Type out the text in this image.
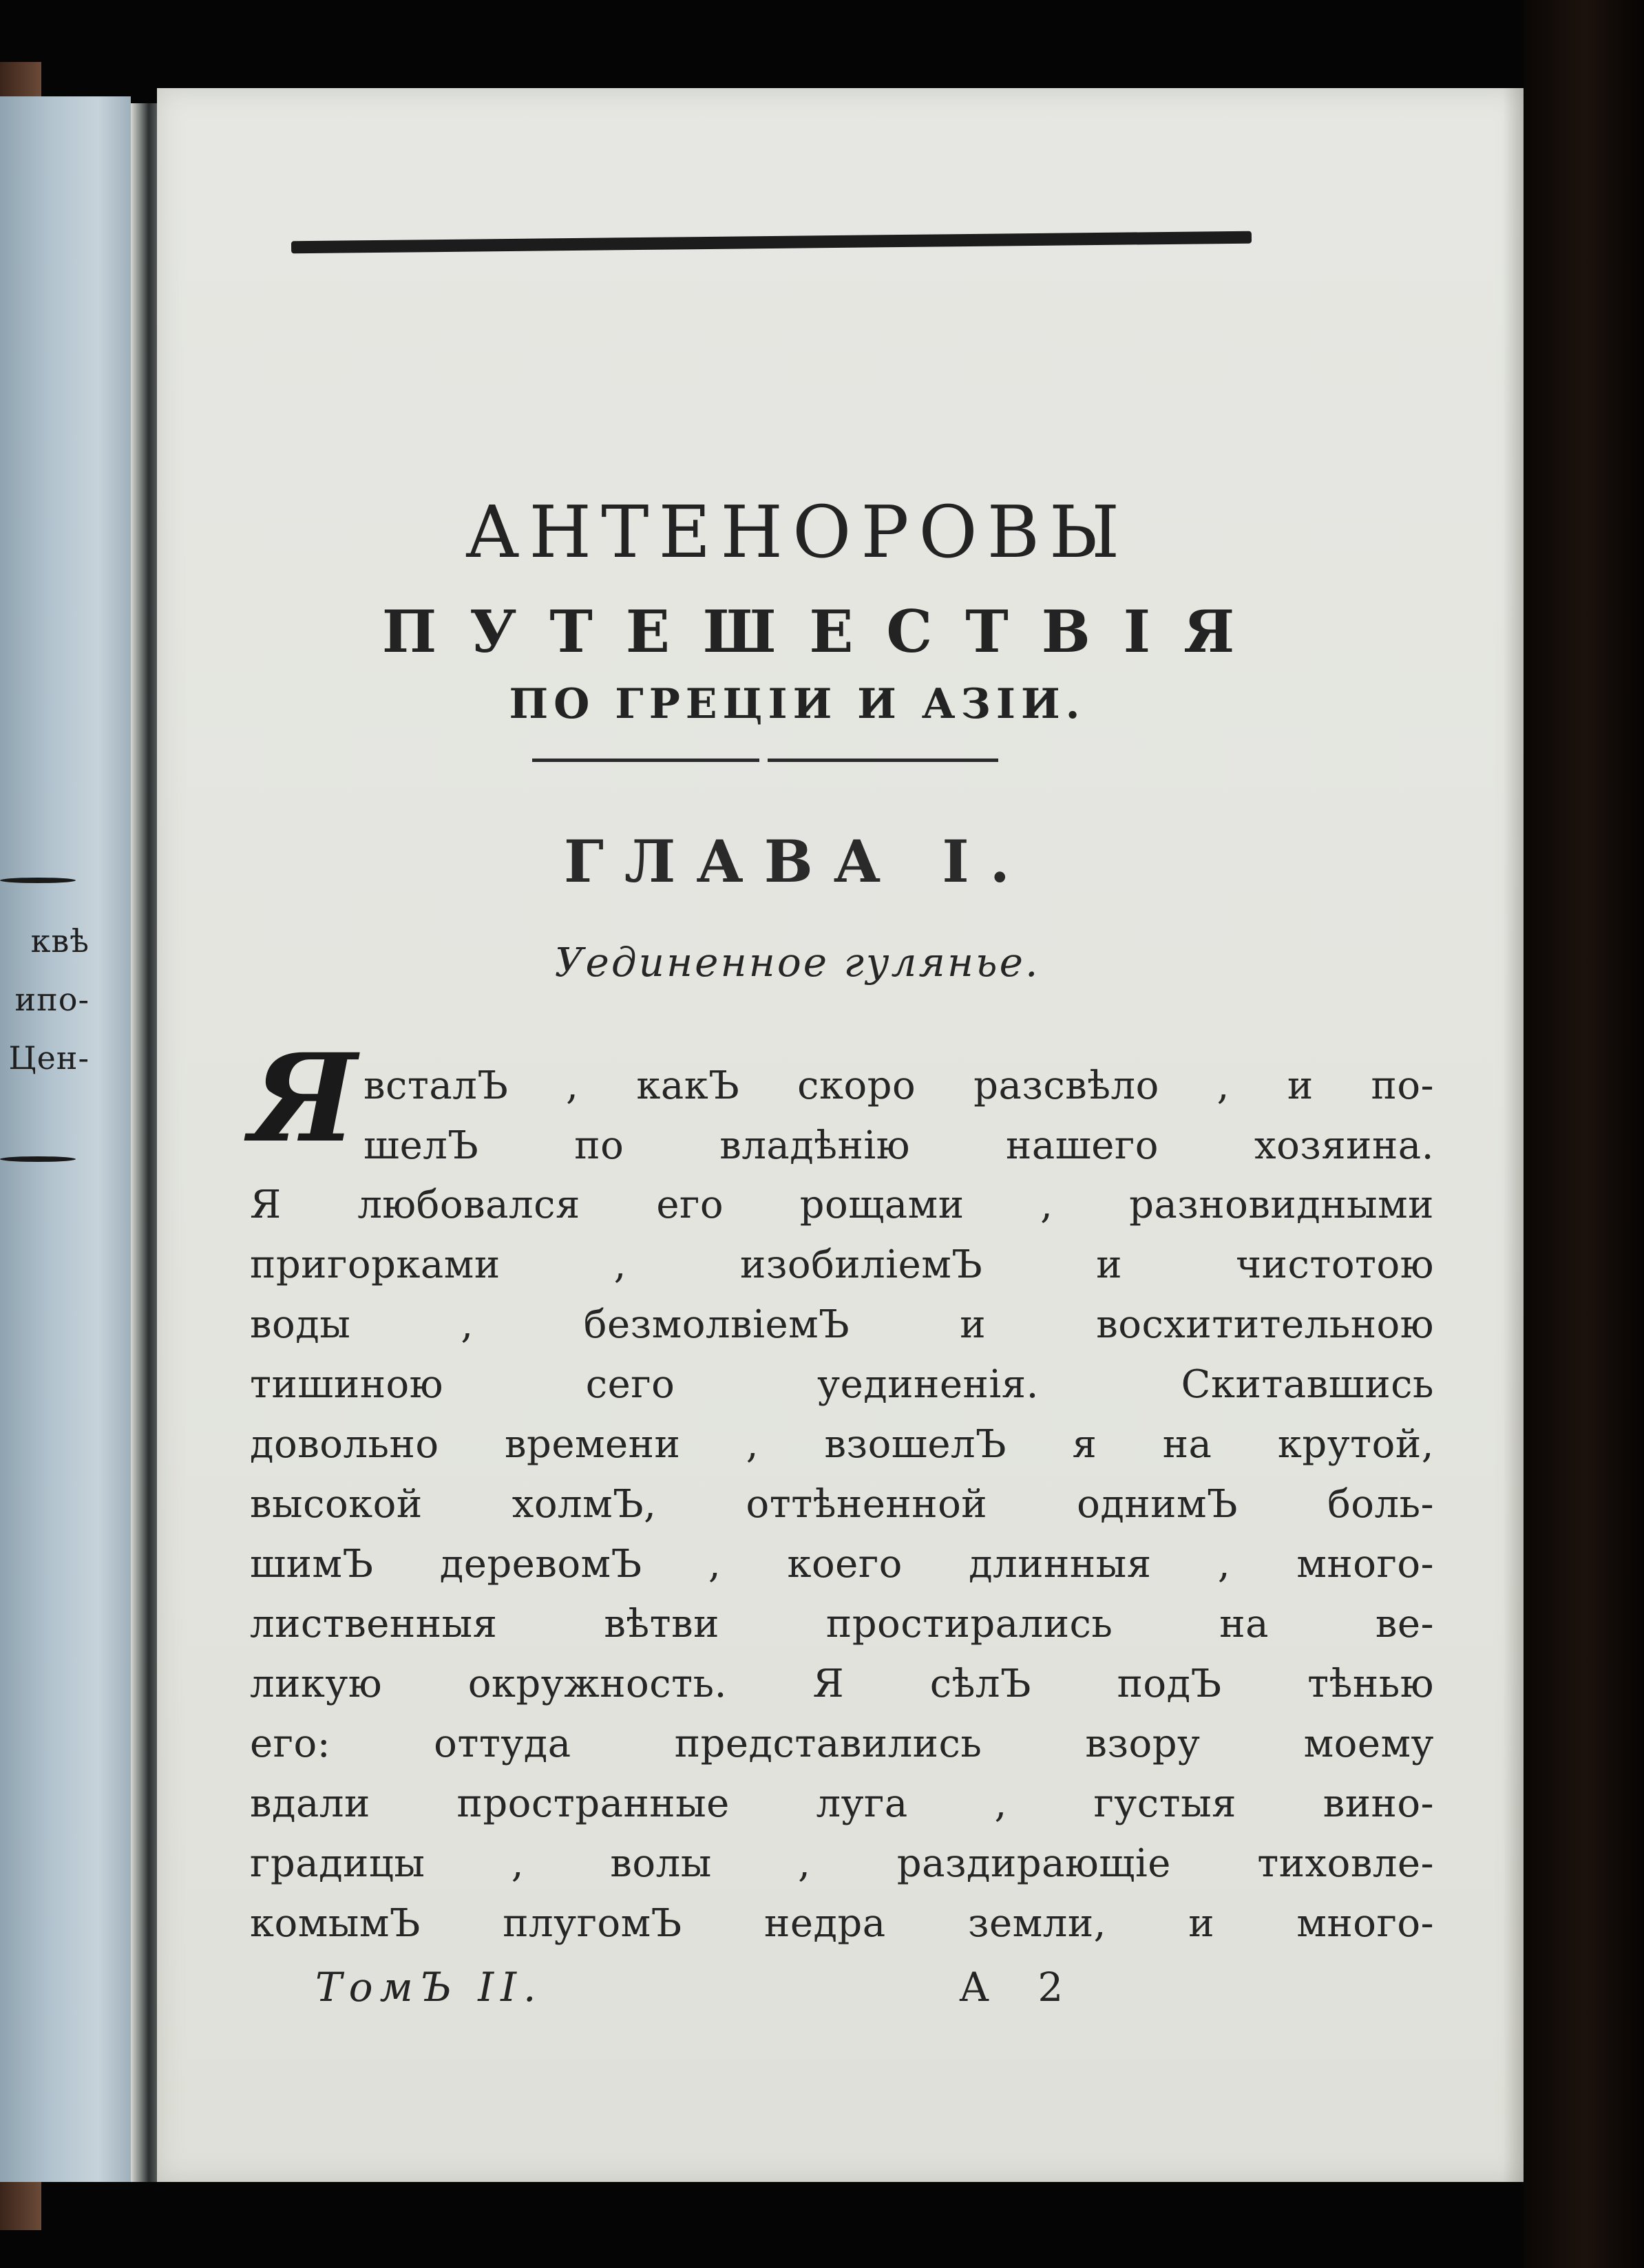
квѣ
ипо-
Цен-
АНТЕНОРОВЫ
ПУТЕШЕСТВІЯ
ПО ГРЕЦІИ И АЗІИ.
ГЛАВА I.
Уединенное гулянье.
Я всталЪ , какЪ скоро разсвѣло , и по-
шелЪ по владѣнію нашего хозяина.
Я любовался его рощами , разновидными
пригорками , изобиліемЪ и чистотою
воды , безмолвіемЪ и восхитительною
тишиною сего уединенія. Скитавшись
довольно времени , взошелЪ я на крутой,
высокой холмЪ, оттѣненной однимЪ боль-
шимЪ деревомЪ , коего длинныя , много-
лиственныя вѣтви простирались на ве-
ликую окружность. Я сѣлЪ подЪ тѣнью
его: оттуда представились взору моему
вдали пространные луга , густыя вино-
градицы , волы , раздирающіе тиховле-
комымЪ плугомЪ недра земли, и много-
ТомЪ II.	А 2
